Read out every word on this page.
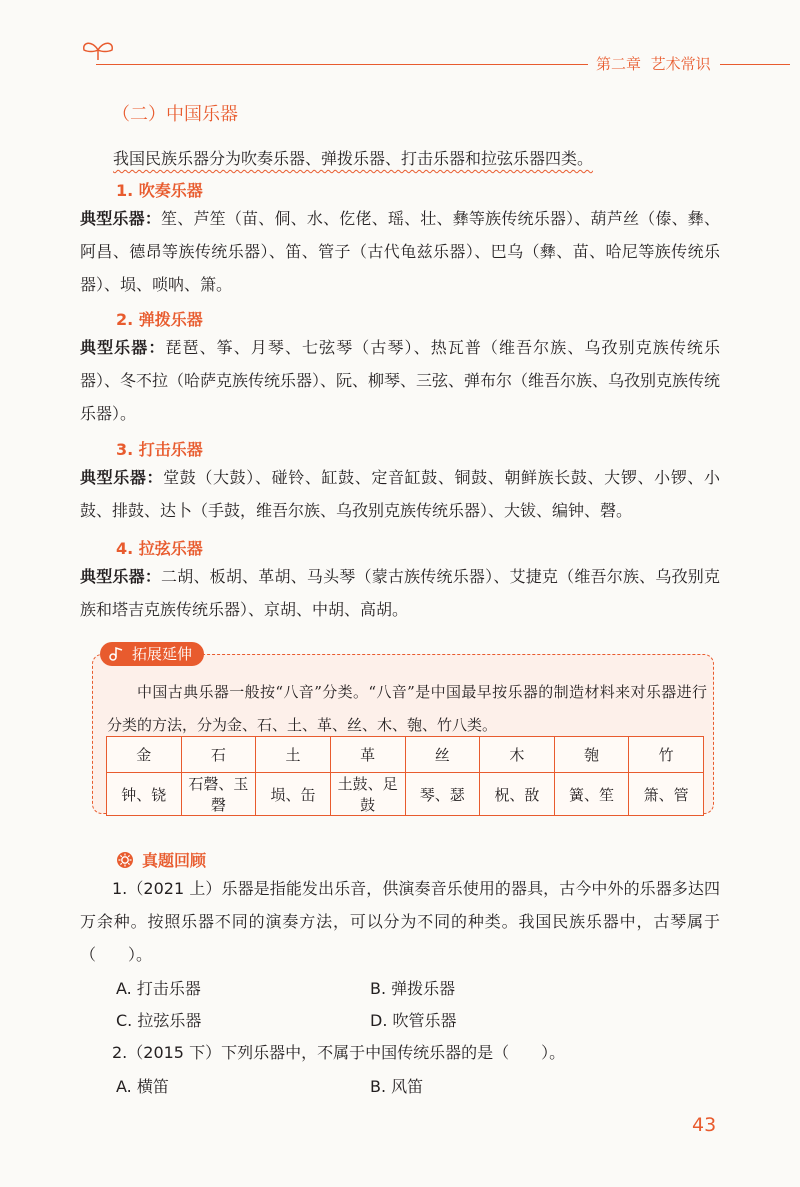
第二章 艺术常识
（二）中国乐器
我国民族乐器分为吹奏乐器、弹拨乐器、打击乐器和拉弦乐器四类。
1. 吹奏乐器
典型乐器：笙、芦笙（苗、侗、水、仡佬、瑶、壮、彝等族传统乐器）、葫芦丝（傣、彝、阿昌、德昂等族传统乐器）、笛、管子（古代龟兹乐器）、巴乌（彝、苗、哈尼等族传统乐器）、埙、唢呐、箫。
2. 弹拨乐器
典型乐器：琵琶、筝、月琴、七弦琴（古琴）、热瓦普（维吾尔族、乌孜别克族传统乐器）、冬不拉（哈萨克族传统乐器）、阮、柳琴、三弦、弹布尔（维吾尔族、乌孜别克族传统乐器）。
3. 打击乐器
典型乐器：堂鼓（大鼓）、碰铃、缸鼓、定音缸鼓、铜鼓、朝鲜族长鼓、大锣、小锣、小鼓、排鼓、达卜（手鼓，维吾尔族、乌孜别克族传统乐器）、大钹、编钟、磬。
4. 拉弦乐器
典型乐器：二胡、板胡、革胡、马头琴（蒙古族传统乐器）、艾捷克（维吾尔族、乌孜别克族和塔吉克族传统乐器）、京胡、中胡、高胡。
拓展延伸
中国古典乐器一般按“八音”分类。“八音”是中国最早按乐器的制造材料来对乐器进行分类的方法，分为金、石、土、革、丝、木、匏、竹八类。
金	石	土	革	丝	木	匏	竹
钟、铙	石磬、玉磬	埙、缶	土鼓、足鼓	琴、瑟	柷、敔	簧、笙	箫、管
真题回顾
1.（2021 上）乐器是指能发出乐音，供演奏音乐使用的器具，古今中外的乐器多达四万余种。按照乐器不同的演奏方法，可以分为不同的种类。我国民族乐器中，古琴属于（　　）。
A. 打击乐器	B. 弹拨乐器
C. 拉弦乐器	D. 吹管乐器
2.（2015 下）下列乐器中，不属于中国传统乐器的是（　　）。
A. 横笛	B. 风笛
43
